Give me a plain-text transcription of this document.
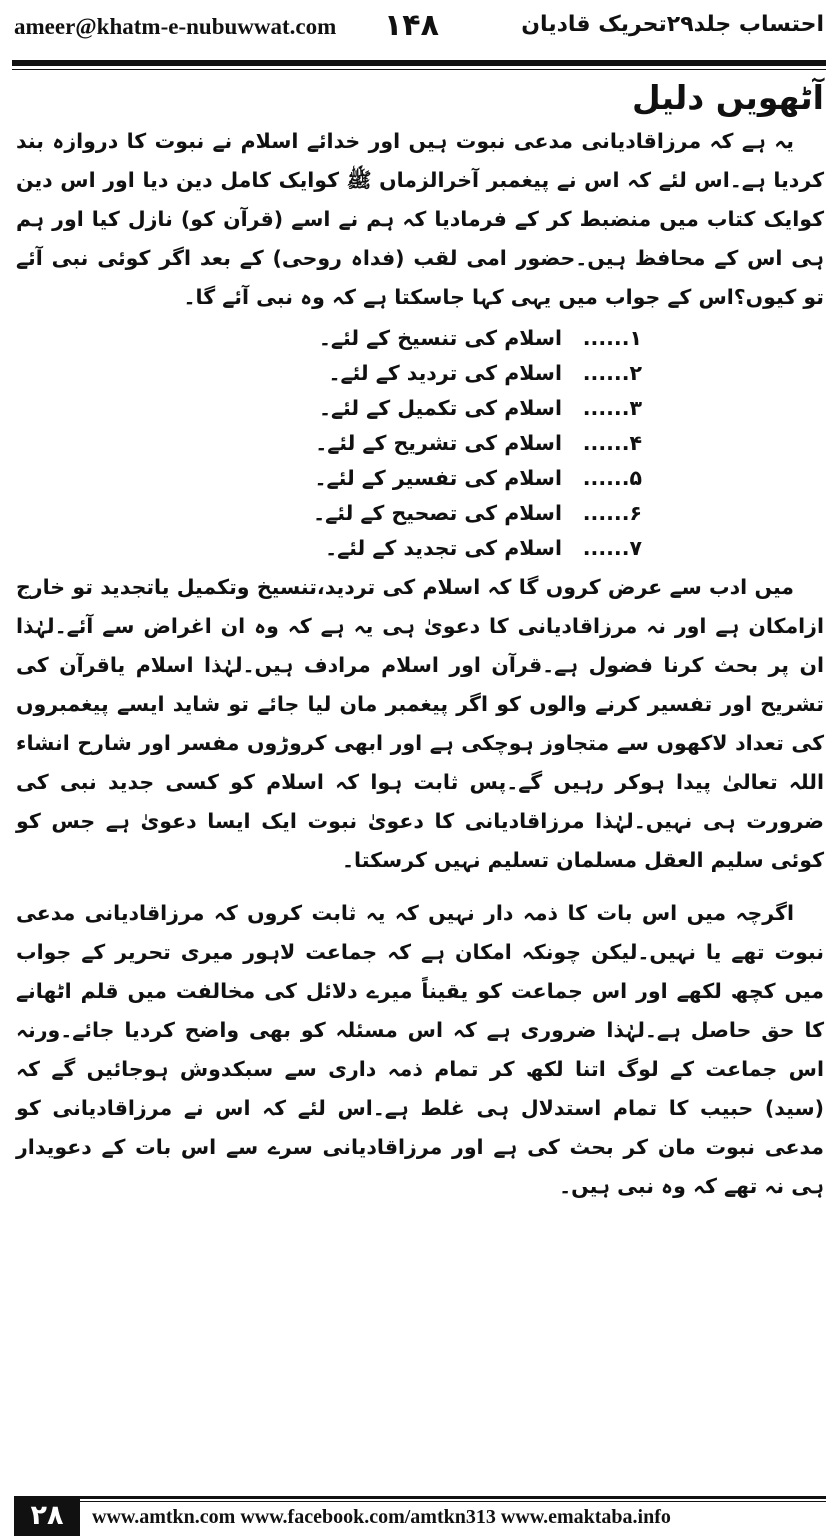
ameer@khatm-e-nubuwwat.com ۱۴۸	احتساب جلد۲۹تحریک قادیان
آٹھویں دلیل

یہ ہے کہ مرزاقادیانی مدعی نبوت ہیں اور خدائے اسلام نے نبوت کا دروازہ بند کردیا ہے۔اس لئے کہ اس نے پیغمبر آخرالزماں ﷺ کوایک کامل دین دیا اور اس دین کوایک کتاب میں منضبط کر کے فرمادیا کہ ہم نے اسے (قرآن کو) نازل کیا اور ہم ہی اس کے محافظ ہیں۔حضور امی لقب (فداہ روحی) کے بعد اگر کوئی نبی آئے تو کیوں؟اس کے جواب میں یہی کہا جاسکتا ہے کہ وہ نبی آئے گا۔

۱......
اسلام کی تنسیخ کے لئے۔
۲......
اسلام کی تردید کے لئے۔
۳......
اسلام کی تکمیل کے لئے۔
۴......
اسلام کی تشریح کے لئے۔
۵......
اسلام کی تفسیر کے لئے۔
۶......
اسلام کی تصحیح کے لئے۔
۷......
اسلام کی تجدید کے لئے۔

میں ادب سے عرض کروں گا کہ اسلام کی تردید،تنسیخ وتکمیل یاتجدید تو خارج ازامکان ہے اور نہ مرزاقادیانی کا دعویٰ ہی یہ ہے کہ وہ ان اغراض سے آئے۔لہٰذا ان پر بحث کرنا فضول ہے۔قرآن اور اسلام مرادف ہیں۔لہٰذا اسلام یاقرآن کی تشریح اور تفسیر کرنے والوں کو اگر پیغمبر مان لیا جائے تو شاید ایسے پیغمبروں کی تعداد لاکھوں سے متجاوز ہوچکی ہے اور ابھی کروڑوں مفسر اور شارح انشاء اللہ تعالیٰ پیدا ہوکر رہیں گے۔پس ثابت ہوا کہ اسلام کو کسی جدید نبی کی ضرورت ہی نہیں۔لہٰذا مرزاقادیانی کا دعویٰ نبوت ایک ایسا دعویٰ ہے جس کو کوئی سلیم العقل مسلمان تسلیم نہیں کرسکتا۔

اگرچہ میں اس بات کا ذمہ دار نہیں کہ یہ ثابت کروں کہ مرزاقادیانی مدعی نبوت تھے یا نہیں۔لیکن چونکہ امکان ہے کہ جماعت لاہور میری تحریر کے جواب میں کچھ لکھے اور اس جماعت کو یقیناً میرے دلائل کی مخالفت میں قلم اٹھانے کا حق حاصل ہے۔لہٰذا ضروری ہے کہ اس مسئلہ کو بھی واضح کردیا جائے۔ورنہ اس جماعت کے لوگ اتنا لکھ کر تمام ذمہ داری سے سبکدوش ہوجائیں گے کہ (سید) حبیب کا تمام استدلال ہی غلط ہے۔اس لئے کہ اس نے مرزاقادیانی کو مدعی نبوت مان کر بحث کی ہے اور مرزاقادیانی سرے سے اس بات کے دعویدار ہی نہ تھے کہ وہ نبی ہیں۔

۲۸	www.amtkn.com www.facebook.com/amtkn313 www.emaktaba.info
